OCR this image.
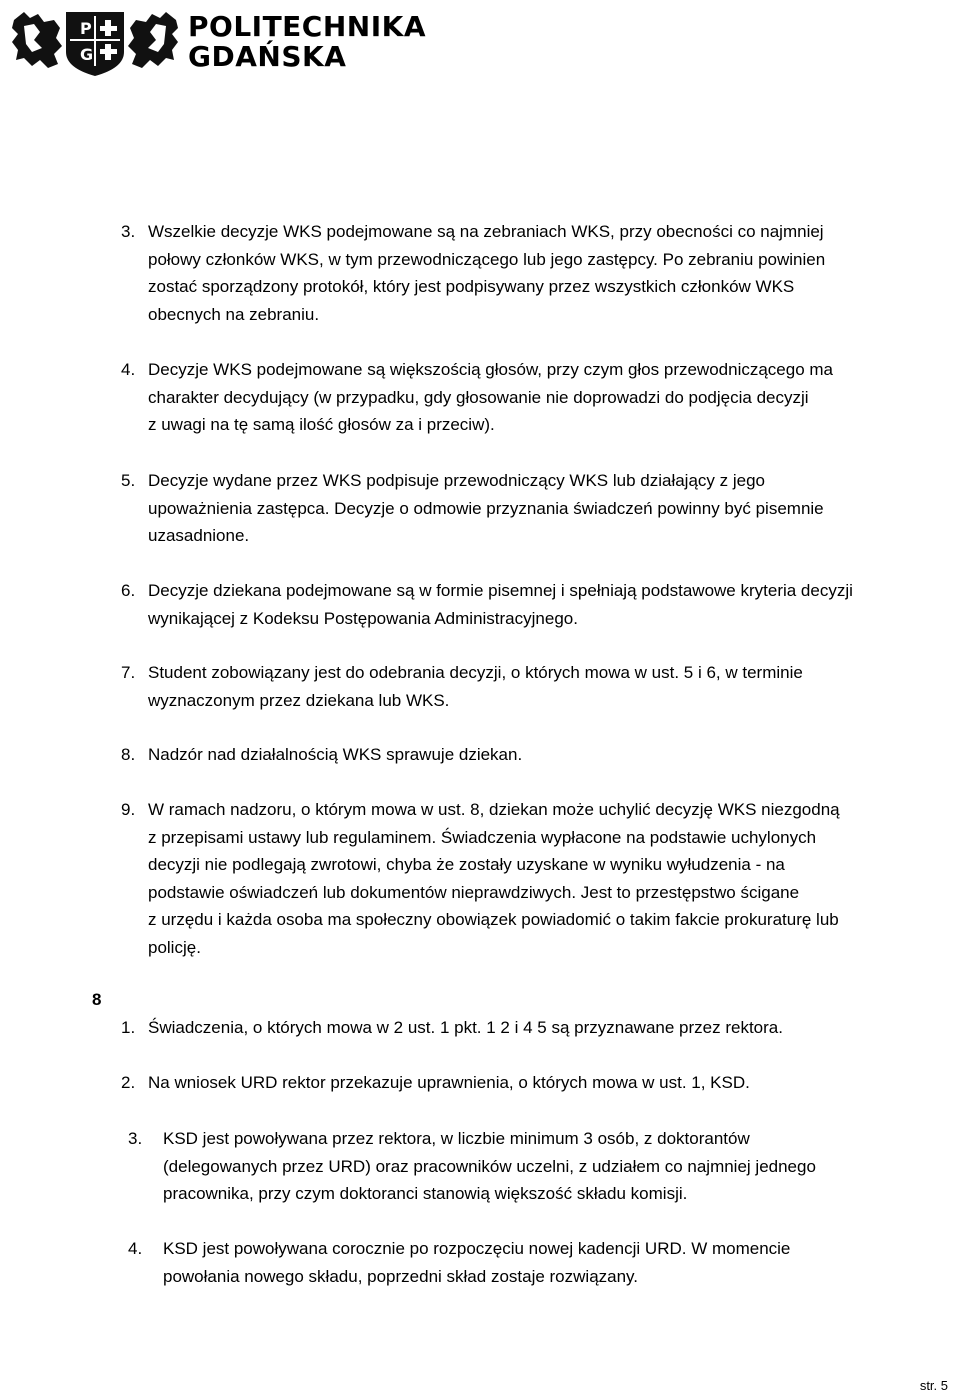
P
G
POLITECHNIKA
GDAŃSKA
3. Wszelkie decyzje WKS podejmowane są na zebraniach WKS, przy obecności co najmniej
połowy członków WKS, w tym przewodniczącego lub jego zastępcy. Po zebraniu powinien
zostać sporządzony protokół, który jest podpisywany przez wszystkich członków WKS
obecnych na zebraniu.
4. Decyzje WKS podejmowane są większością głosów, przy czym głos przewodniczącego ma
charakter decydujący (w przypadku, gdy głosowanie nie doprowadzi do podjęcia decyzji
z uwagi na tę samą ilość głosów za i przeciw).
5. Decyzje wydane przez WKS podpisuje przewodniczący WKS lub działający z jego
upoważnienia zastępca. Decyzje o odmowie przyznania świadczeń powinny być pisemnie
uzasadnione.
6. Decyzje dziekana podejmowane są w formie pisemnej i spełniają podstawowe kryteria decyzji
wynikającej z Kodeksu Postępowania Administracyjnego.
7. Student zobowiązany jest do odebrania decyzji, o których mowa w ust. 5 i 6, w terminie
wyznaczonym przez dziekana lub WKS.
8. Nadzór nad działalnością WKS sprawuje dziekan.
9. W ramach nadzoru, o którym mowa w ust. 8, dziekan może uchylić decyzję WKS niezgodną
z przepisami ustawy lub regulaminem. Świadczenia wypłacone na podstawie uchylonych
decyzji nie podlegają zwrotowi, chyba że zostały uzyskane w wyniku wyłudzenia - na
podstawie oświadczeń lub dokumentów nieprawdziwych. Jest to przestępstwo ścigane
z urzędu i każda osoba ma społeczny obowiązek powiadomić o takim fakcie prokuraturę lub
policję.
8
1. Świadczenia, o których mowa w 2 ust. 1 pkt. 1 2 i 4 5 są przyznawane przez rektora.
2. Na wniosek URD rektor przekazuje uprawnienia, o których mowa w ust. 1, KSD.
3. KSD jest powoływana przez rektora, w liczbie minimum 3 osób, z doktorantów
(delegowanych przez URD) oraz pracowników uczelni, z udziałem co najmniej jednego
pracownika, przy czym doktoranci stanowią większość składu komisji.
4. KSD jest powoływana corocznie po rozpoczęciu nowej kadencji URD. W momencie
powołania nowego składu, poprzedni skład zostaje rozwiązany.
str. 5
